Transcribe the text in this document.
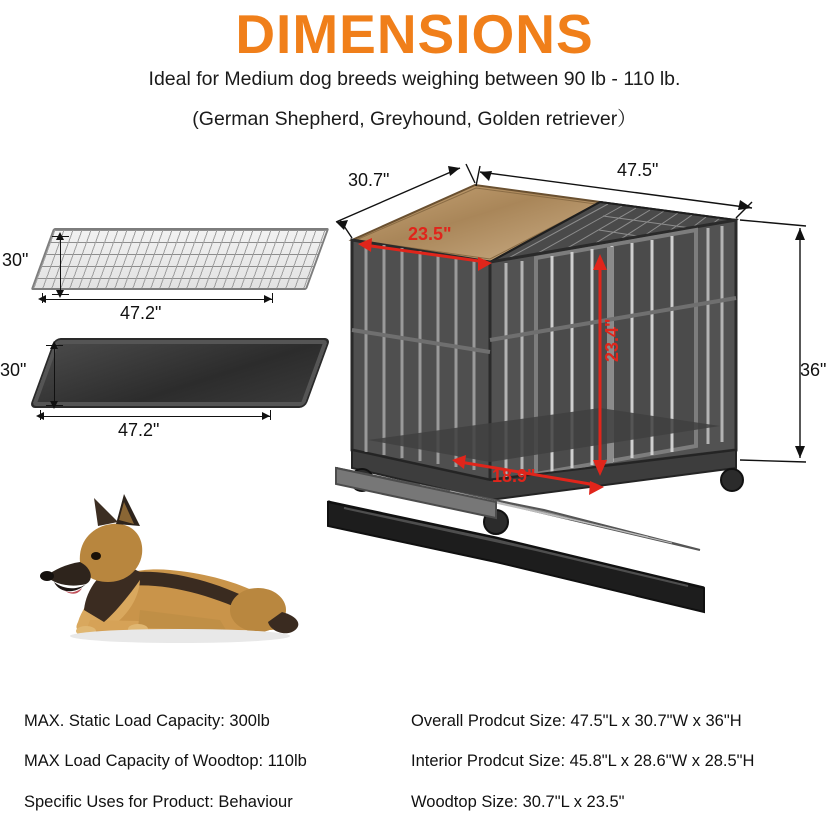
DIMENSIONS
Ideal for Medium dog breeds weighing between 90 lb - 110 lb.
(German Shepherd, Greyhound, Golden retriever）
30"
47.2"
30"
47.2"
30.7"	47.5"
36"
23.5"
23.4"
18.9"
MAX. Static Load Capacity: 300lb
MAX Load Capacity of Woodtop: 110lb
Specific Uses for Product: Behaviour
Overall Prodcut Size: 47.5"L x 30.7"W x 36"H
Interior Prodcut Size: 45.8"L x 28.6"W x 28.5"H
Woodtop Size: 30.7"L x 23.5"
